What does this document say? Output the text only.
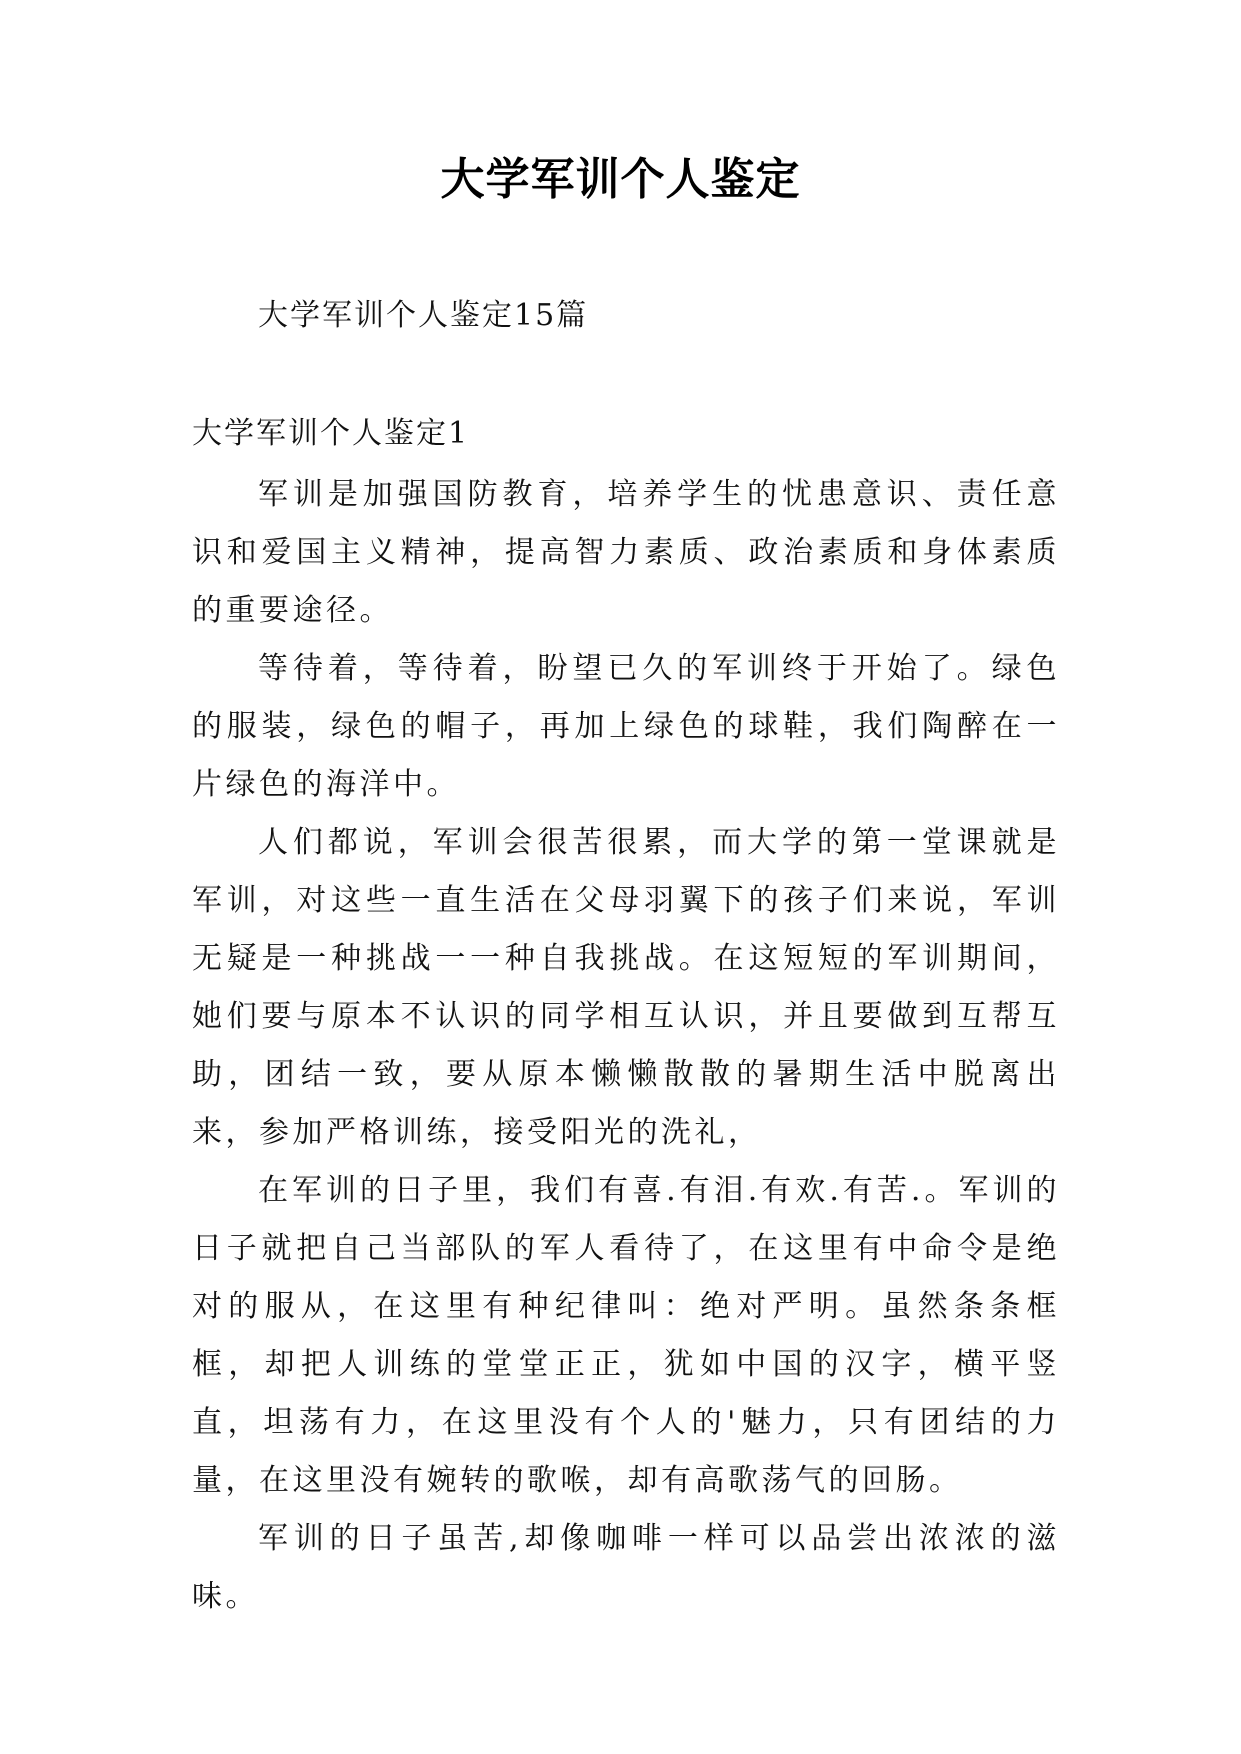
大学军训个人鉴定
大学军训个人鉴定15篇
大学军训个人鉴定1

军训是加强国防教育，培养学生的忧患意识、责任意识和爱国主义精神，提高智力素质、政治素质和身体素质的重要途径。

等待着，等待着，盼望已久的军训终于开始了。绿色的服装，绿色的帽子，再加上绿色的球鞋，我们陶醉在一片绿色的海洋中。

人们都说，军训会很苦很累，而大学的第一堂课就是军训，对这些一直生活在父母羽翼下的孩子们来说，军训无疑是一种挑战一一种自我挑战。在这短短的军训期间，她们要与原本不认识的同学相互认识，并且要做到互帮互助，团结一致，要从原本懒懒散散的暑期生活中脱离出来，参加严格训练，接受阳光的洗礼，

在军训的日子里，我们有喜.有泪.有欢.有苦.。军训的日子就把自己当部队的军人看待了，在这里有中命令是绝对的服从，在这里有种纪律叫：绝对严明。虽然条条框框，却把人训练的堂堂正正，犹如中国的汉字，横平竖直，坦荡有力，在这里没有个人的'魅力，只有团结的力量，在这里没有婉转的歌喉，却有高歌荡气的回肠。

军训的日子虽苦,却像咖啡一样可以品尝出浓浓的滋味。
